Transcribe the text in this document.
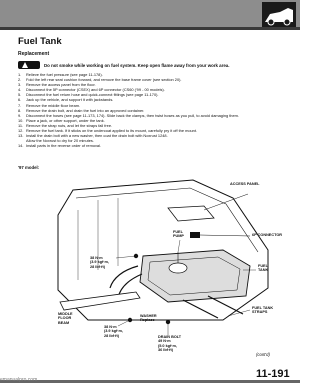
Fuel Tank
Replacement
Do not smoke while working on fuel system. Keep open flame away from your work area.
1.	Relieve the fuel pressure (see page 11-178).
2.	Fold the left rear seat cushion forward, and remove the base frame cover (see section 20).
3.	Remove the access panel from the floor.
4.	Disconnect the 5P connector (CSEX) and 6P connector (CS60 ('99 - 00 models).
5.	Disconnect the fuel return hose and quick-connect fittings (see page 11-170).
6.	Jack up the vehicle, and support it with jackstands.
7.	Remove the middle floor beam.
8.	Remove the drain bolt, and drain the fuel into an approved container.
9.	Disconnect the hoses (see page 11-173, 174). Slide back the clamps, then twist hoses as you pull, to avoid damaging them.
10. Place a jack, or other support, under the tank.
11. Remove the strap nuts, and let the straps fall free.
12. Remove the fuel tank. If it sticks on the undercoat applied to its mount, carefully pry it off the mount.
13. Install the drain bolt with a new washer, then coat the drain bolt with Noxrust 1248.
Allow the Noxrust to dry for 20 minutes.
14. Install parts in the reverse order of removal.
'97 model:
ACCESS PANEL
6P CONNECTOR
FUEL
PUMP
FUEL
TANK
38 N·m
(3.9 kgf·m,
28 lbf·ft)
MIDDLE
FLOOR
BEAM
WASHER
Replace
38 N·m
(3.9 kgf·m,
28 lbf·ft)	DRAIN BOLT
49 N·m
(5.0 kgf·m,
36 lbf·ft)
FUEL TANK
STRAPS
(cont'd)
11-191
emanualpro.com
